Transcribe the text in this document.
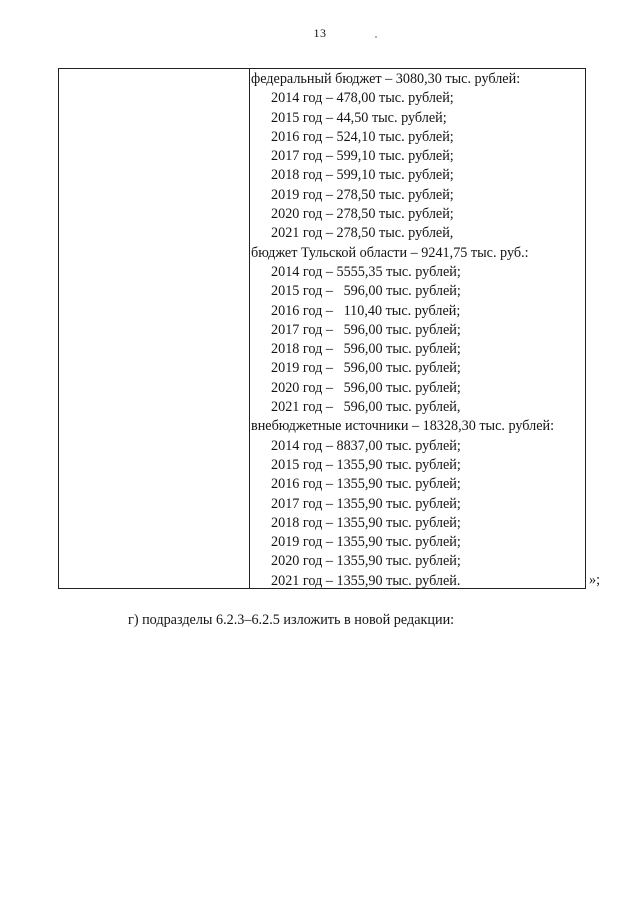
13
федеральный бюджет – 3080,30 тыс. рублей:
2014 год – 478,00 тыс. рублей;
2015 год – 44,50 тыс. рублей;
2016 год – 524,10 тыс. рублей;
2017 год – 599,10 тыс. рублей;
2018 год – 599,10 тыс. рублей;
2019 год – 278,50 тыс. рублей;
2020 год – 278,50 тыс. рублей;
2021 год – 278,50 тыс. рублей,
бюджет Тульской области – 9241,75 тыс. руб.:
2014 год – 5555,35 тыс. рублей;
2015 год –   596,00 тыс. рублей;
2016 год –   110,40 тыс. рублей;
2017 год –   596,00 тыс. рублей;
2018 год –   596,00 тыс. рублей;
2019 год –   596,00 тыс. рублей;
2020 год –   596,00 тыс. рублей;
2021 год –   596,00 тыс. рублей,
внебюджетные источники – 18328,30 тыс. рублей:
2014 год – 8837,00 тыс. рублей;
2015 год – 1355,90 тыс. рублей;
2016 год – 1355,90 тыс. рублей;
2017 год – 1355,90 тыс. рублей;
2018 год – 1355,90 тыс. рублей;
2019 год – 1355,90 тыс. рублей;
2020 год – 1355,90 тыс. рублей;
2021 год – 1355,90 тыс. рублей.	»;
г) подразделы 6.2.3–6.2.5 изложить в новой редакции:
